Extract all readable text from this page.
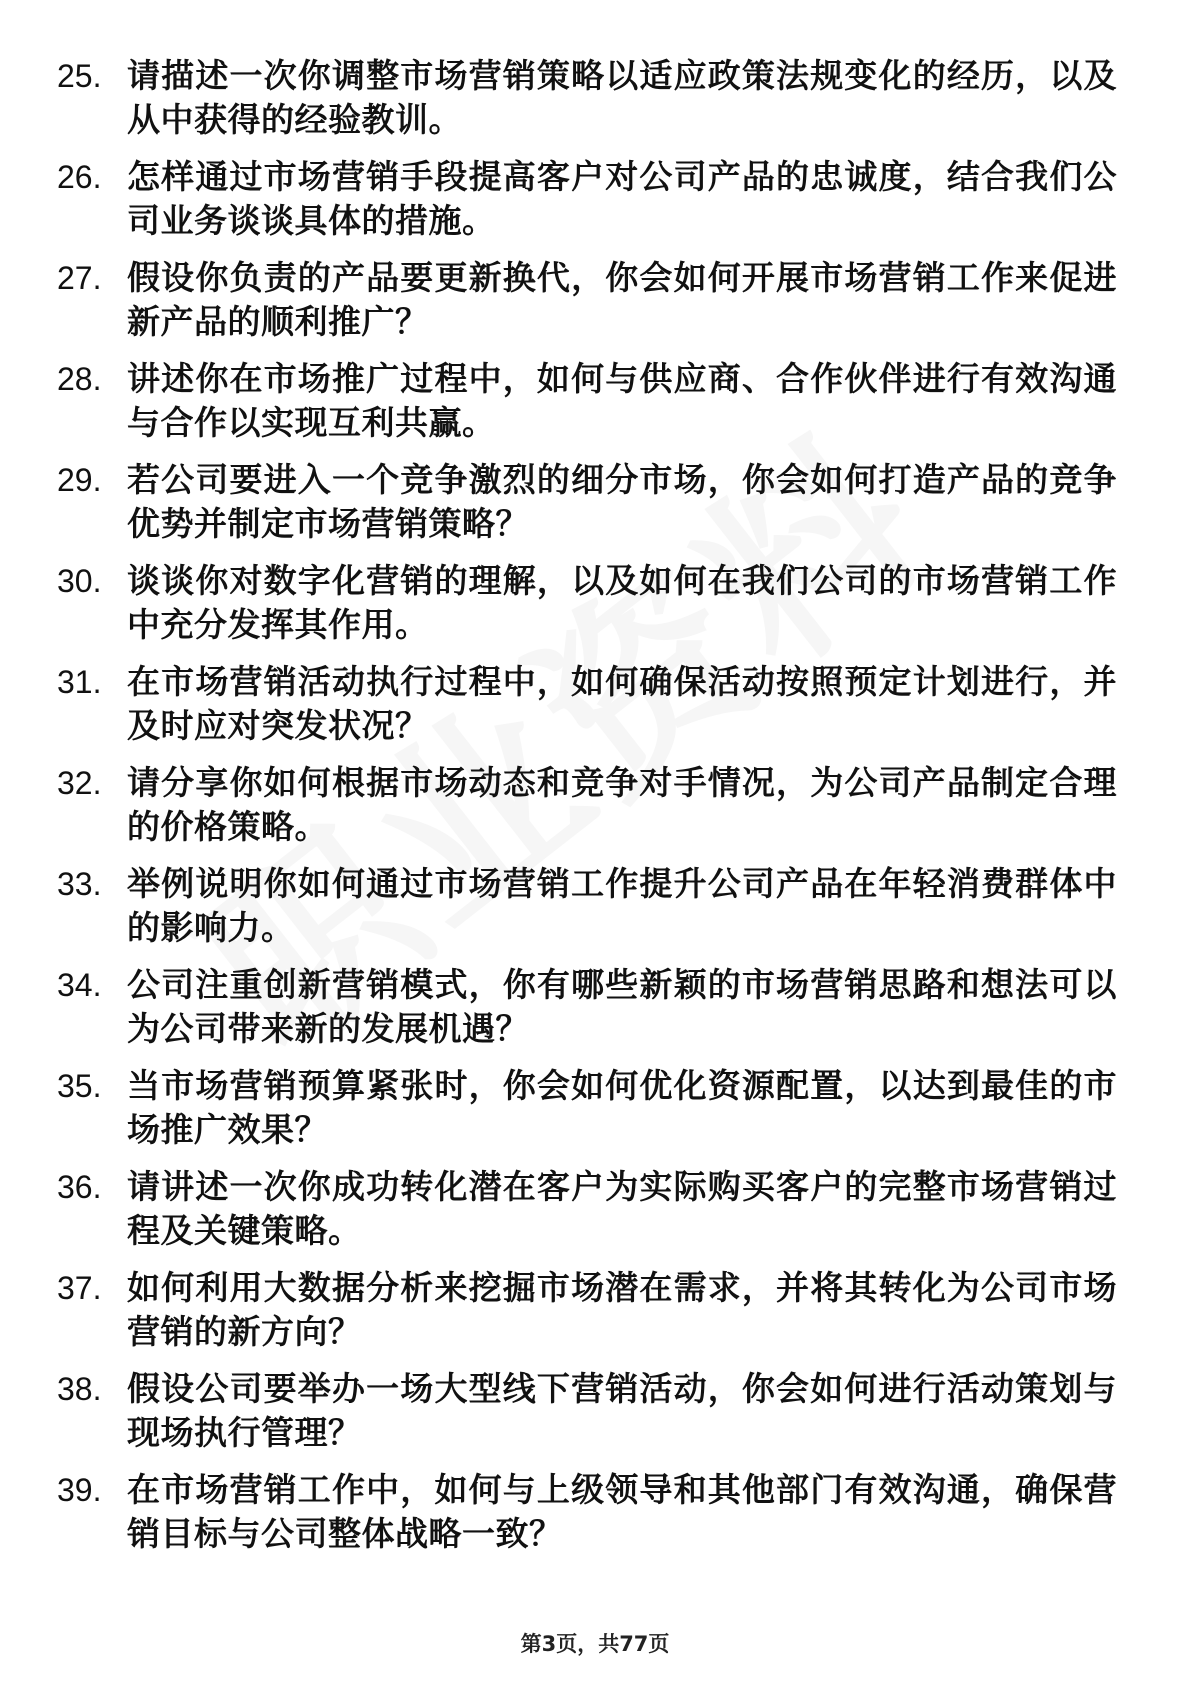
25. 请描述一次你调整市场营销策略以适应政策法规变化的经历，以及从中获得的经验教训。
26. 怎样通过市场营销手段提高客户对公司产品的忠诚度，结合我们公司业务谈谈具体的措施。
27. 假设你负责的产品要更新换代，你会如何开展市场营销工作来促进新产品的顺利推广？
28. 讲述你在市场推广过程中，如何与供应商、合作伙伴进行有效沟通与合作以实现互利共赢。
29. 若公司要进入一个竞争激烈的细分市场，你会如何打造产品的竞争优势并制定市场营销策略？
30. 谈谈你对数字化营销的理解，以及如何在我们公司的市场营销工作中充分发挥其作用。
31. 在市场营销活动执行过程中，如何确保活动按照预定计划进行，并及时应对突发状况？
32. 请分享你如何根据市场动态和竞争对手情况，为公司产品制定合理的价格策略。
33. 举例说明你如何通过市场营销工作提升公司产品在年轻消费群体中的影响力。
34. 公司注重创新营销模式，你有哪些新颖的市场营销思路和想法可以为公司带来新的发展机遇？
35. 当市场营销预算紧张时，你会如何优化资源配置，以达到最佳的市场推广效果？
36. 请讲述一次你成功转化潜在客户为实际购买客户的完整市场营销过程及关键策略。
37. 如何利用大数据分析来挖掘市场潜在需求，并将其转化为公司市场营销的新方向？
38. 假设公司要举办一场大型线下营销活动，你会如何进行活动策划与现场执行管理？
39. 在市场营销工作中，如何与上级领导和其他部门有效沟通，确保营销目标与公司整体战略一致？
第3页，共77页
